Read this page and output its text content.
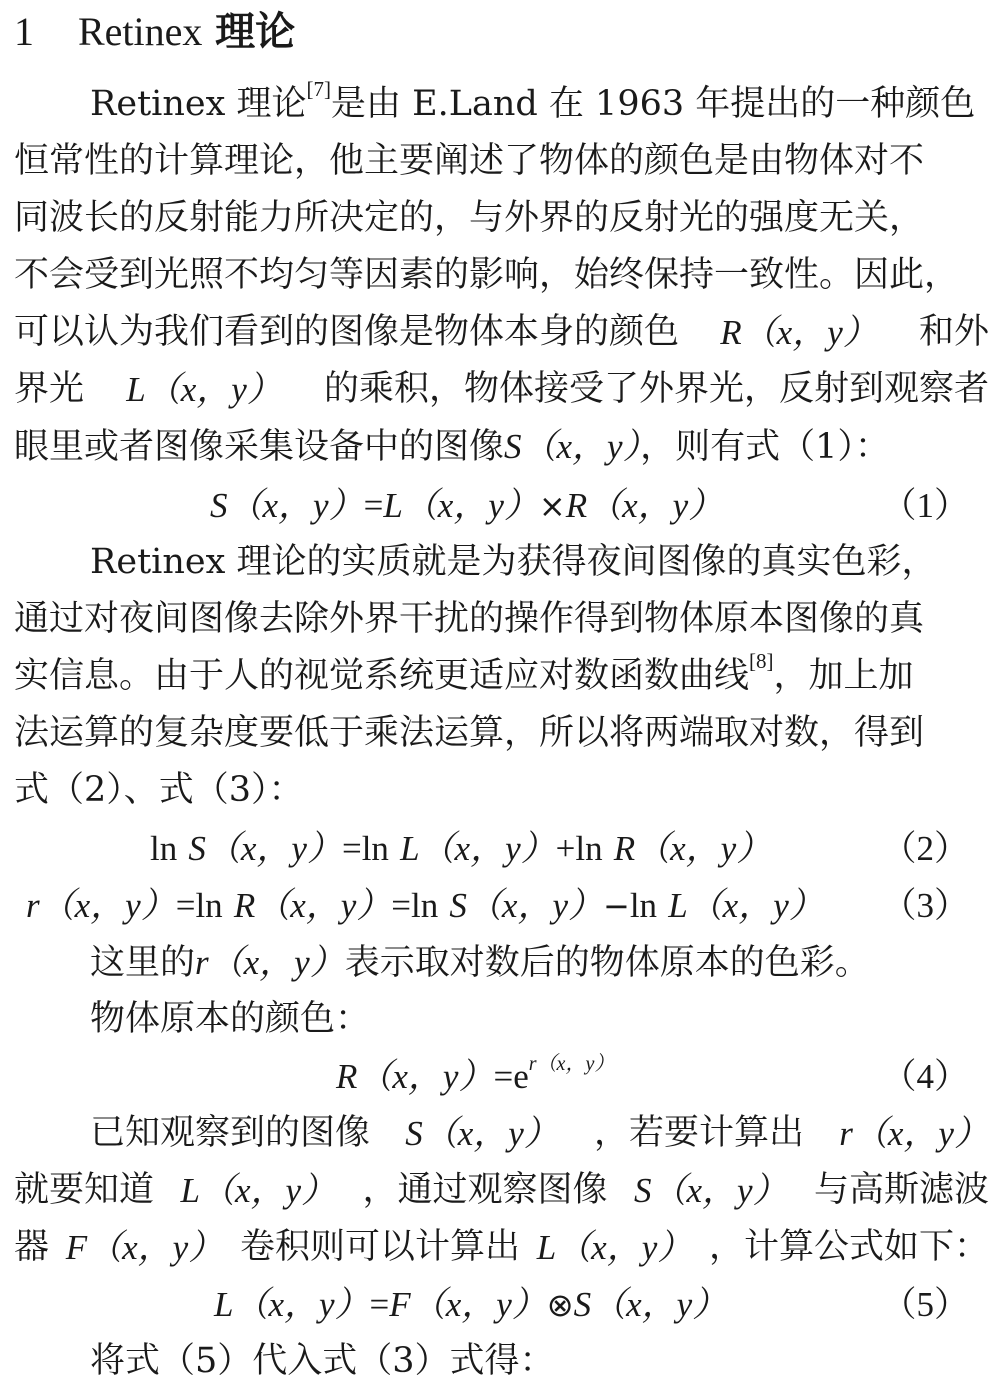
1 Retinex 理论
Retinex 理论[7]是由 E.Land 在 1963 年提出的一种颜色
恒常性的计算理论，他主要阐述了物体的颜色是由物体对不
同波长的反射能力所决定的，与外界的反射光的强度无关，
不会受到光照不均匀等因素的影响，始终保持一致性。因此，
可以认为我们看到的图像是物体本身的颜色 R（x，y） 和外
界光 L（x，y） 的乘积，物体接受了外界光，反射到观察者
眼里或者图像采集设备中的图像S（x，y），则有式（1）：
S（x，y）=L（x，y）×R（x，y）	（1）
Retinex 理论的实质就是为获得夜间图像的真实色彩，
通过对夜间图像去除外界干扰的操作得到物体原本图像的真
实信息。由于人的视觉系统更适应对数函数曲线[8]，加上加
法运算的复杂度要低于乘法运算，所以将两端取对数，得到
式（2）、式（3）：
ln S（x，y）=ln L（x，y）+ln R（x，y）	（2）
r（x，y）=ln R（x，y）=ln S（x，y）−ln L（x，y） （3）
这里的r（x，y）表示取对数后的物体原本的色彩。
物体原本的颜色：
R（x，$y)=e^{r(x,y)}$	（4）
已知观察到的图像 S（x，y） ，若要计算出 r（x，y）
就要知道 L（x，y） ，通过观察图像 S（x，y） 与高斯滤波
器 F（x，y） 卷积则可以计算出 L（x，y） ，计算公式如下：
L（x，y）=F（x，y）⊗S（x，y）	（5）
将式（5）代入式（3）式得：
